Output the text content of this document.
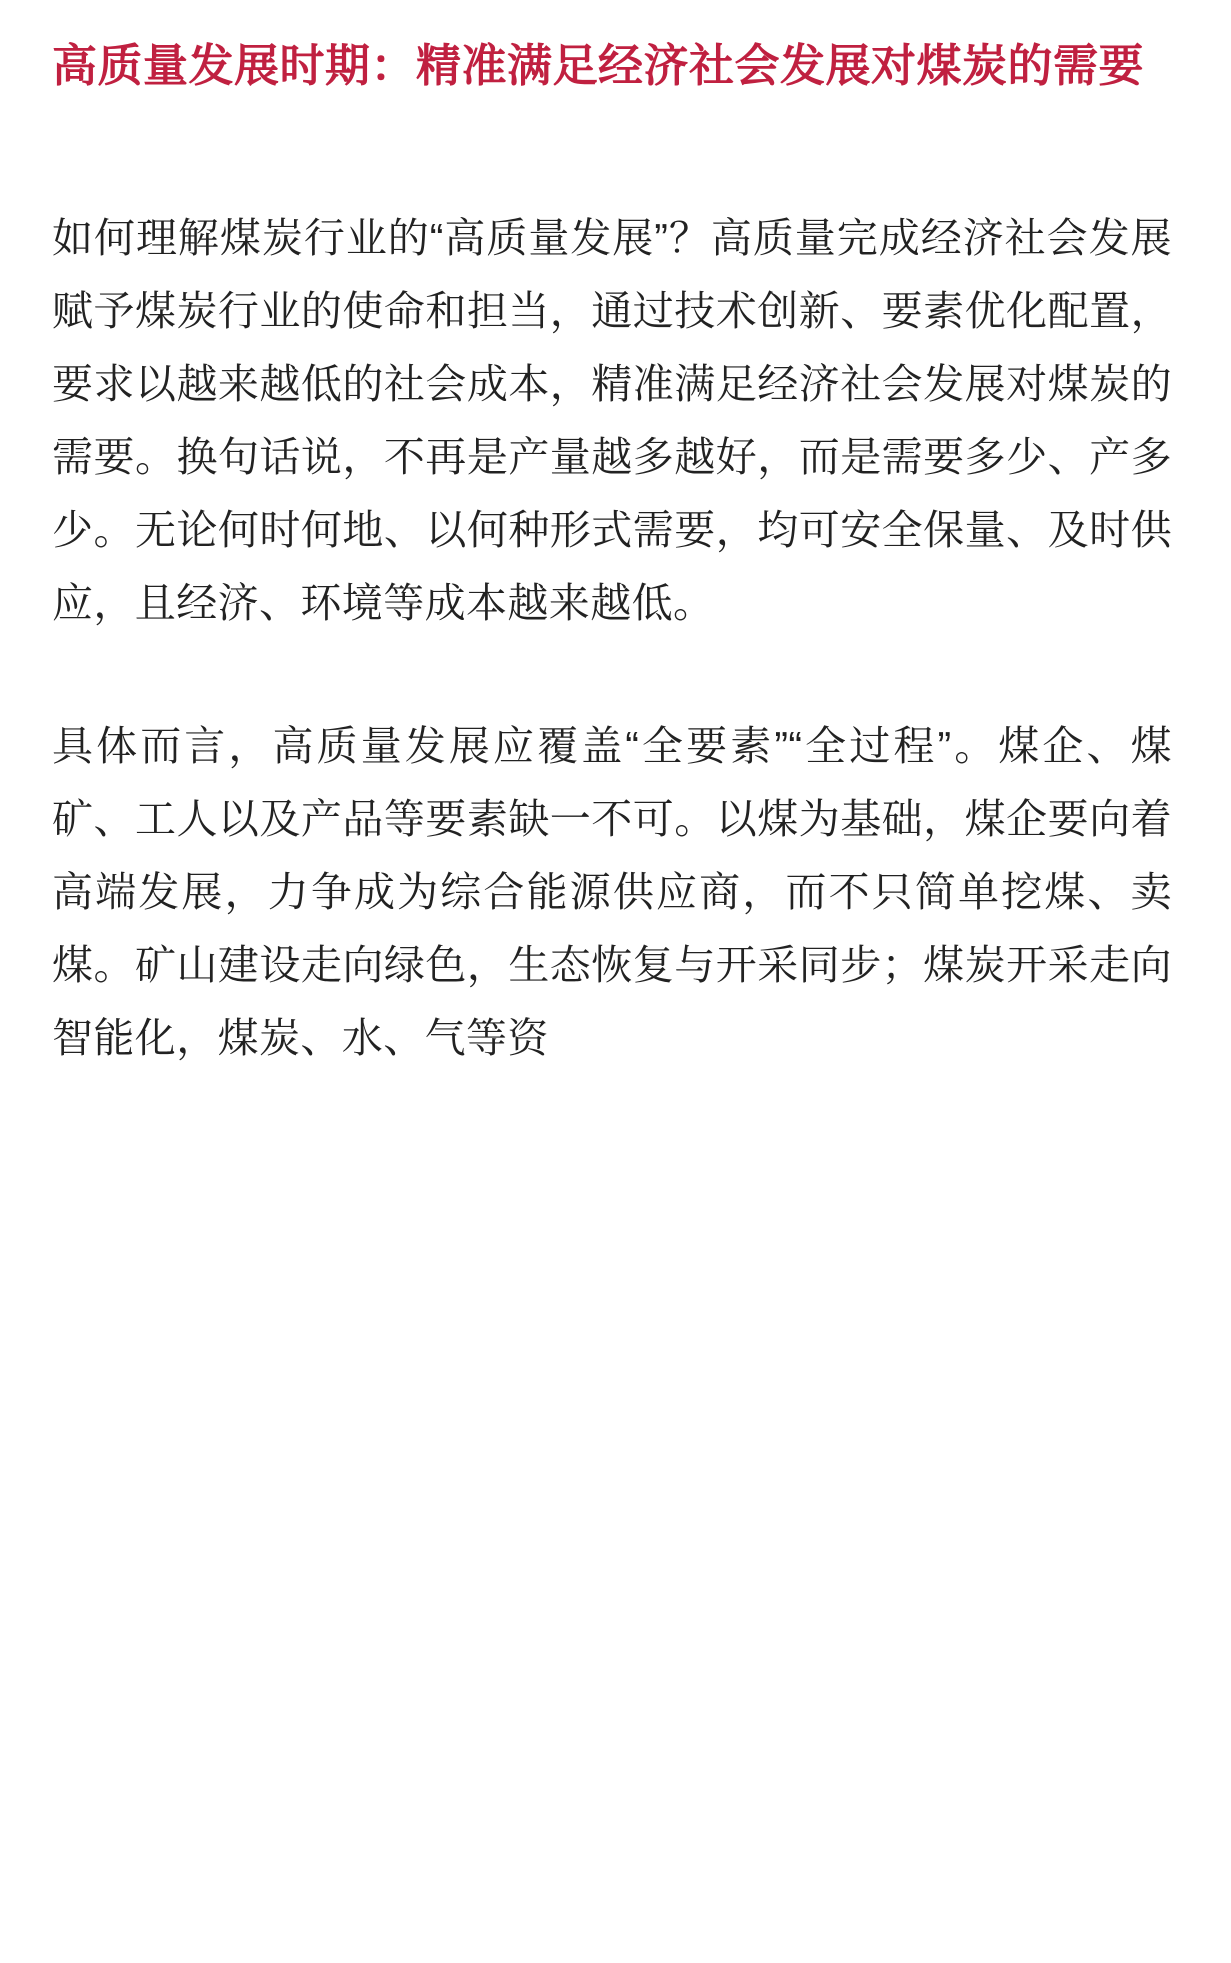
高质量发展时期：精准满足经济社会发展对煤炭的需要

如何理解煤炭行业的“高质量发展”？高质量完成经济社会发展赋予煤炭行业的使命和担当，通过技术创新、要素优化配置，要求以越来越低的社会成本，精准满足经济社会发展对煤炭的需要。换句话说，不再是产量越多越好，而是需要多少、产多少。无论何时何地、以何种形式需要，均可安全保量、及时供应，且经济、环境等成本越来越低。

具体而言，高质量发展应覆盖“全要素”“全过程”。煤企、煤矿、工人以及产品等要素缺一不可。以煤为基础，煤企要向着高端发展，力争成为综合能源供应商，而不只简单挖煤、卖煤。矿山建设走向绿色，生态恢复与开采同步；煤炭开采走向智能化，煤炭、水、气等资
